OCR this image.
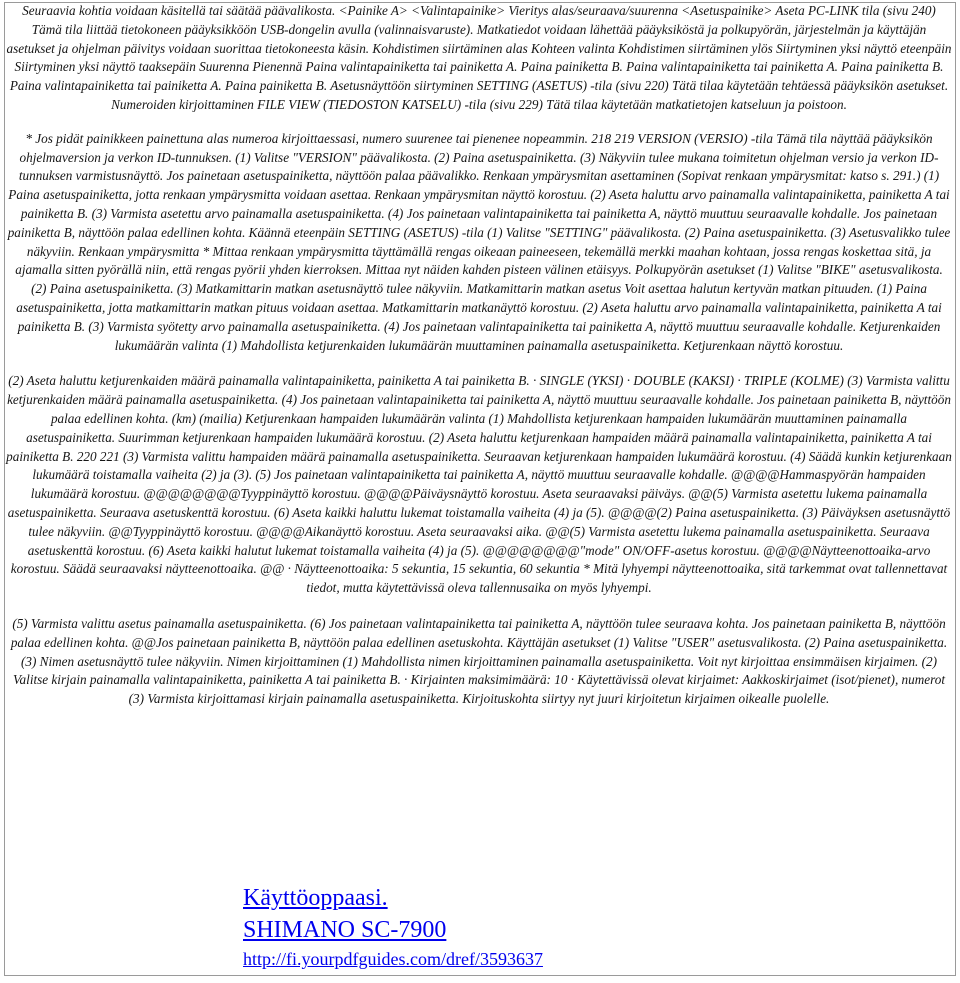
Seuraavia kohtia voidaan käsitellä tai säätää päävalikosta. <Painike A> <Valintapainike> Vieritys alas/seuraava/suurenna <Asetuspainike> Aseta PC-LINK tila (sivu 240) Tämä tila liittää tietokoneen pääyksikköön USB-dongelin avulla (valinnaisvaruste). Matkatiedot voidaan lähettää pääyksiköstä ja polkupyörän, järjestelmän ja käyttäjän asetukset ja ohjelman päivitys voidaan suorittaa tietokoneesta käsin. Kohdistimen siirtäminen alas Kohteen valinta Kohdistimen siirtäminen ylös Siirtyminen yksi näyttö eteenpäin Siirtyminen yksi näyttö taaksepäin Suurenna Pienennä Paina valintapainiketta tai painiketta A. Paina painiketta B. Paina valintapainiketta tai painiketta A. Paina painiketta B. Paina valintapainiketta tai painiketta A. Paina painiketta B. Asetusnäyttöön siirtyminen SETTING (ASETUS) -tila (sivu 220) Tätä tilaa käytetään tehtäessä pääyksikön asetukset. Numeroiden kirjoittaminen FILE VIEW (TIEDOSTON KATSELU) -tila (sivu 229) Tätä tilaa käytetään matkatietojen katseluun ja poistoon.

* Jos pidät painikkeen painettuna alas numeroa kirjoittaessasi, numero suurenee tai pienenee nopeammin. 218 219 VERSION (VERSIO) -tila Tämä tila näyttää pääyksikön ohjelmaversion ja verkon ID-tunnuksen. (1) Valitse "VERSION" päävalikosta. (2) Paina asetuspainiketta. (3) Näkyviin tulee mukana toimitetun ohjelman versio ja verkon ID-tunnuksen varmistusnäyttö. Jos painetaan asetuspainiketta, näyttöön palaa päävalikko. Renkaan ympärysmitan asettaminen (Sopivat renkaan ympärysmitat: katso s. 291.) (1) Paina asetuspainiketta, jotta renkaan ympärysmitta voidaan asettaa. Renkaan ympärysmitan näyttö korostuu. (2) Aseta haluttu arvo painamalla valintapainiketta, painiketta A tai painiketta B. (3) Varmista asetettu arvo painamalla asetuspainiketta. (4) Jos painetaan valintapainiketta tai painiketta A, näyttö muuttuu seuraavalle kohdalle. Jos painetaan painiketta B, näyttöön palaa edellinen kohta. Käännä eteenpäin SETTING (ASETUS) -tila (1) Valitse "SETTING" päävalikosta. (2) Paina asetuspainiketta. (3) Asetusvalikko tulee näkyviin. Renkaan ympärysmitta * Mittaa renkaan ympärysmitta täyttämällä rengas oikeaan paineeseen, tekemällä merkki maahan kohtaan, jossa rengas koskettaa sitä, ja ajamalla sitten pyörällä niin, että rengas pyörii yhden kierroksen. Mittaa nyt näiden kahden pisteen välinen etäisyys. Polkupyörän asetukset (1) Valitse "BIKE" asetusvalikosta. (2) Paina asetuspainiketta. (3) Matkamittarin matkan asetusnäyttö tulee näkyviin. Matkamittarin matkan asetus Voit asettaa halutun kertyvän matkan pituuden. (1) Paina asetuspainiketta, jotta matkamittarin matkan pituus voidaan asettaa. Matkamittarin matkanäyttö korostuu. (2) Aseta haluttu arvo painamalla valintapainiketta, painiketta A tai painiketta B. (3) Varmista syötetty arvo painamalla asetuspainiketta. (4) Jos painetaan valintapainiketta tai painiketta A, näyttö muuttuu seuraavalle kohdalle. Ketjurenkaiden lukumäärän valinta (1) Mahdollista ketjurenkaiden lukumäärän muuttaminen painamalla asetuspainiketta. Ketjurenkaan näyttö korostuu.

(2) Aseta haluttu ketjurenkaiden määrä painamalla valintapainiketta, painiketta A tai painiketta B. · SINGLE (YKSI) · DOUBLE (KAKSI) · TRIPLE (KOLME) (3) Varmista valittu ketjurenkaiden määrä painamalla asetuspainiketta. (4) Jos painetaan valintapainiketta tai painiketta A, näyttö muuttuu seuraavalle kohdalle. Jos painetaan painiketta B, näyttöön palaa edellinen kohta. (km) (mailia) Ketjurenkaan hampaiden lukumäärän valinta (1) Mahdollista ketjurenkaan hampaiden lukumäärän muuttaminen painamalla asetuspainiketta. Suurimman ketjurenkaan hampaiden lukumäärä korostuu. (2) Aseta haluttu ketjurenkaan hampaiden määrä painamalla valintapainiketta, painiketta A tai painiketta B. 220 221 (3) Varmista valittu hampaiden määrä painamalla asetuspainiketta. Seuraavan ketjurenkaan hampaiden lukumäärä korostuu. (4) Säädä kunkin ketjurenkaan lukumäärä toistamalla vaiheita (2) ja (3). (5) Jos painetaan valintapainiketta tai painiketta A, näyttö muuttuu seuraavalle kohdalle. @@@@Hammaspyörän hampaiden lukumäärä korostuu. @@@@@@@@Tyyppinäyttö korostuu. @@@@Päiväysnäyttö korostuu. Aseta seuraavaksi päiväys. @@(5) Varmista asetettu lukema painamalla asetuspainiketta. Seuraava asetuskenttä korostuu. (6) Aseta kaikki haluttu lukemat toistamalla vaiheita (4) ja (5). @@@@(2) Paina asetuspainiketta. (3) Päiväyksen asetusnäyttö tulee näkyviin. @@Tyyppinäyttö korostuu. @@@@Aikanäyttö korostuu. Aseta seuraavaksi aika. @@(5) Varmista asetettu lukema painamalla asetuspainiketta. Seuraava asetuskenttä korostuu. (6) Aseta kaikki halutut lukemat toistamalla vaiheita (4) ja (5). @@@@@@@@"mode" ON/OFF-asetus korostuu. @@@@Näytteenottoaika-arvo korostuu. Säädä seuraavaksi näytteenottoaika. @@ · Näytteenottoaika: 5 sekuntia, 15 sekuntia, 60 sekuntia * Mitä lyhyempi näytteenottoaika, sitä tarkemmat ovat tallennettavat tiedot, mutta käytettävissä oleva tallennusaika on myös lyhyempi.

(5) Varmista valittu asetus painamalla asetuspainiketta. (6) Jos painetaan valintapainiketta tai painiketta A, näyttöön tulee seuraava kohta. Jos painetaan painiketta B, näyttöön palaa edellinen kohta. @@Jos painetaan painiketta B, näyttöön palaa edellinen asetuskohta. Käyttäjän asetukset (1) Valitse "USER" asetusvalikosta. (2) Paina asetuspainiketta. (3) Nimen asetusnäyttö tulee näkyviin. Nimen kirjoittaminen (1) Mahdollista nimen kirjoittaminen painamalla asetuspainiketta. Voit nyt kirjoittaa ensimmäisen kirjaimen. (2) Valitse kirjain painamalla valintapainiketta, painiketta A tai painiketta B. · Kirjainten maksimimäärä: 10 · Käytettävissä olevat kirjaimet: Aakkoskirjaimet (isot/pienet), numerot (3) Varmista kirjoittamasi kirjain painamalla asetuspainiketta. Kirjoituskohta siirtyy nyt juuri kirjoitetun kirjaimen oikealle puolelle.

Käyttöoppaasi.
SHIMANO SC-7900
http://fi.yourpdfguides.com/dref/3593637
